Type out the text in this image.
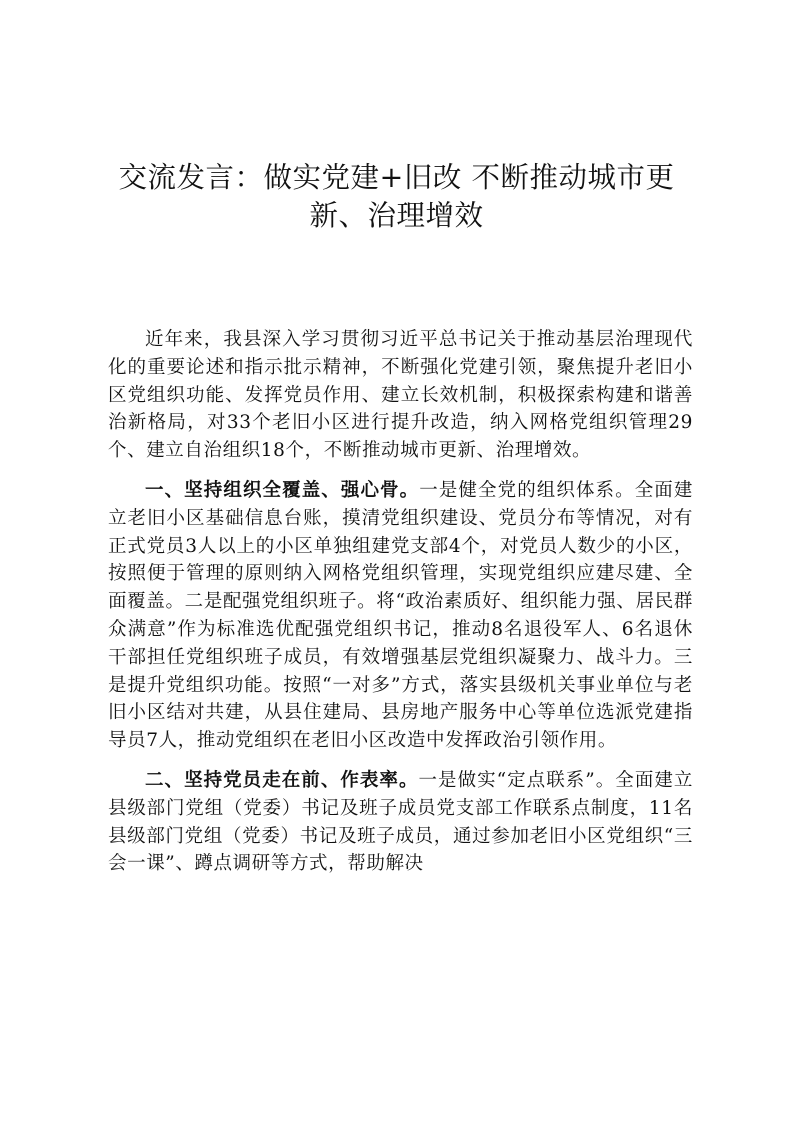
交流发言：做实党建+旧改 不断推动城市更
新、治理增效

近年来，我县深入学习贯彻习近平总书记关于推动基层治理现代化的重要论述和指示批示精神，不断强化党建引领，聚焦提升老旧小区党组织功能、发挥党员作用、建立长效机制，积极探索构建和谐善治新格局，对33个老旧小区进行提升改造，纳入网格党组织管理29个、建立自治组织18个，不断推动城市更新、治理增效。

一、坚持组织全覆盖、强心骨。一是健全党的组织体系。全面建立老旧小区基础信息台账，摸清党组织建设、党员分布等情况，对有正式党员3人以上的小区单独组建党支部4个，对党员人数少的小区，按照便于管理的原则纳入网格党组织管理，实现党组织应建尽建、全面覆盖。二是配强党组织班子。将“政治素质好、组织能力强、居民群众满意”作为标准选优配强党组织书记，推动8名退役军人、6名退休干部担任党组织班子成员，有效增强基层党组织凝聚力、战斗力。三是提升党组织功能。按照“一对多”方式，落实县级机关事业单位与老旧小区结对共建，从县住建局、县房地产服务中心等单位选派党建指导员7人，推动党组织在老旧小区改造中发挥政治引领作用。

二、坚持党员走在前、作表率。一是做实“定点联系”。全面建立县级部门党组（党委）书记及班子成员党支部工作联系点制度，11名县级部门党组（党委）书记及班子成员，通过参加老旧小区党组织“三会一课”、蹲点调研等方式，帮助解决
